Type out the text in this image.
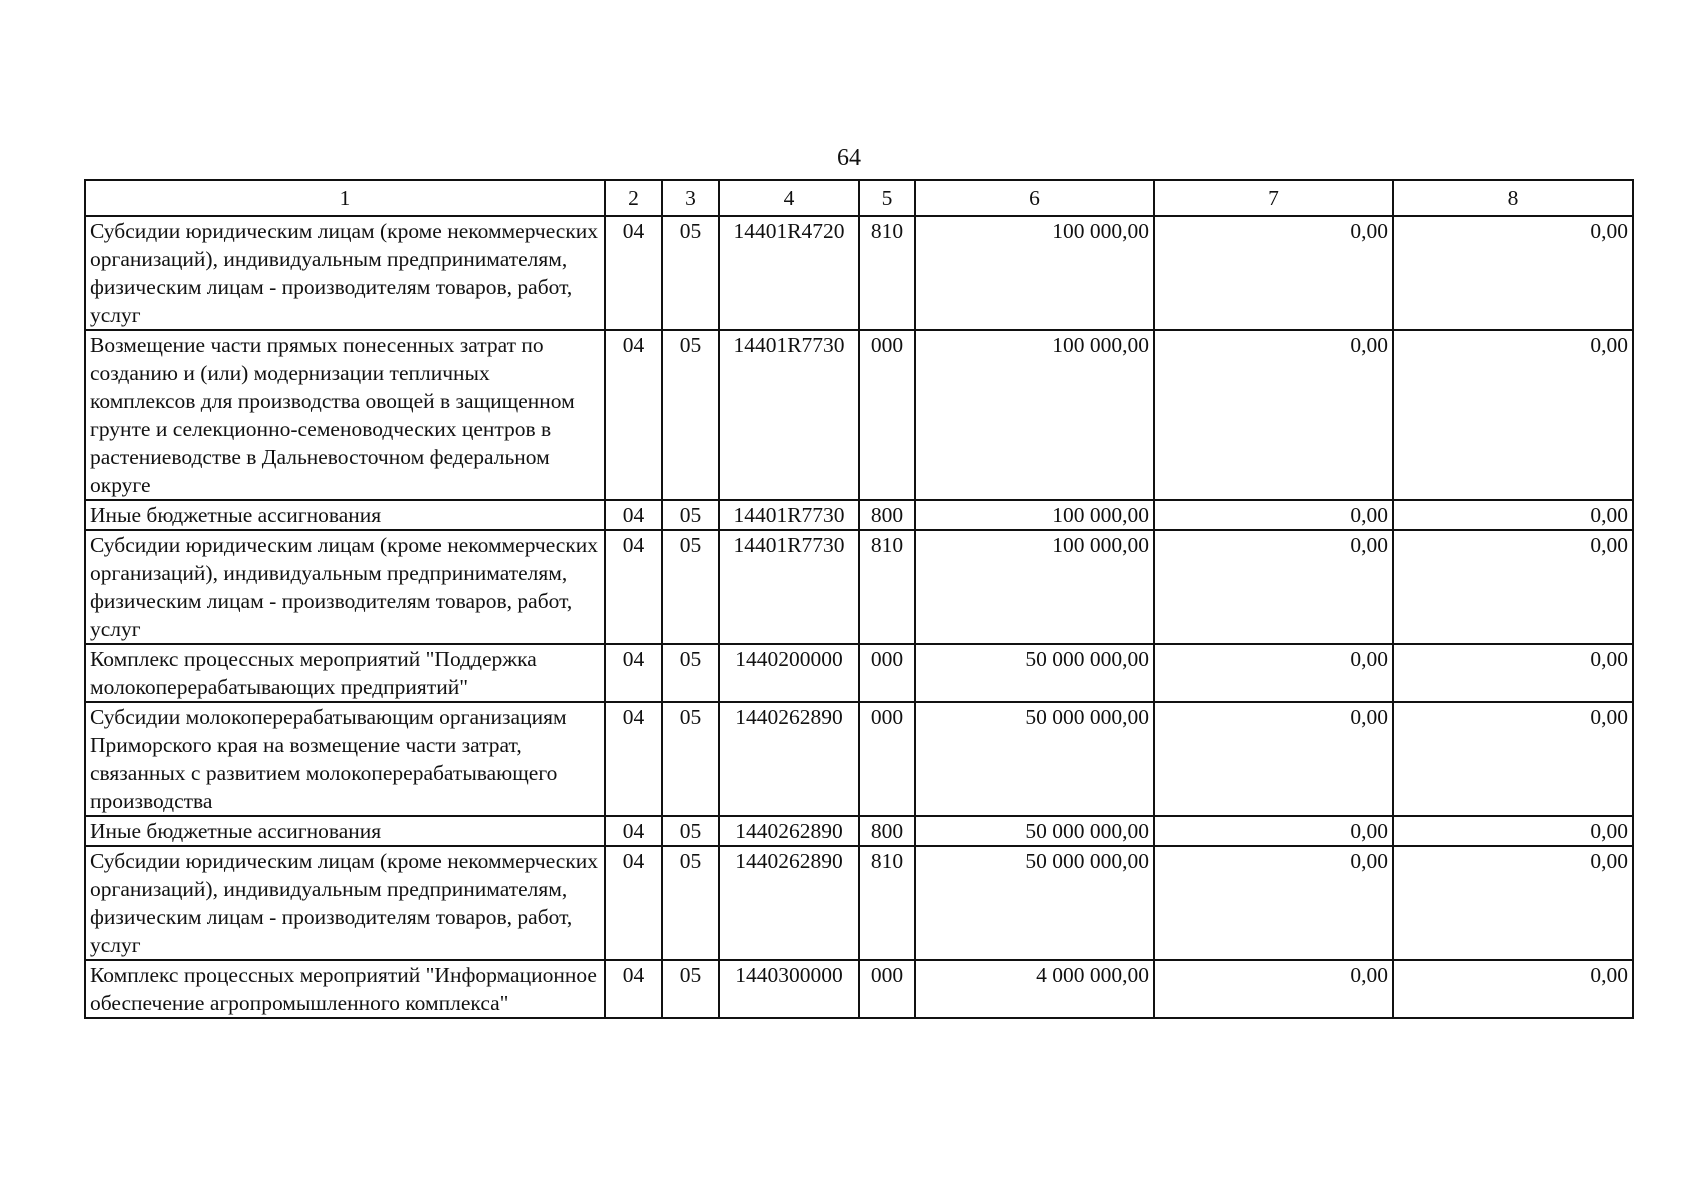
64
1	2	3	4	5	6	7	8
Субсидии юридическим лицам (кроме некоммерческих организаций), индивидуальным предпринимателям, физическим лицам - производителям товаров, работ, услуг	04	05	14401R4720	810	100 000,00	0,00	0,00
Возмещение части прямых понесенных затрат по созданию и (или) модернизации тепличных комплексов для производства овощей в защищенном грунте и селекционно-семеноводческих центров в растениеводстве в Дальневосточном федеральном округе	04	05	14401R7730	000	100 000,00	0,00	0,00
Иные бюджетные ассигнования	04	05	14401R7730	800	100 000,00	0,00	0,00
Субсидии юридическим лицам (кроме некоммерческих организаций), индивидуальным предпринимателям, физическим лицам - производителям товаров, работ, услуг	04	05	14401R7730	810	100 000,00	0,00	0,00
Комплекс процессных мероприятий "Поддержка молокоперерабатывающих предприятий"	04	05	1440200000	000	50 000 000,00	0,00	0,00
Субсидии молокоперерабатывающим организациям Приморского края на возмещение части затрат, связанных с развитием молокоперерабатывающего производства	04	05	1440262890	000	50 000 000,00	0,00	0,00
Иные бюджетные ассигнования	04	05	1440262890	800	50 000 000,00	0,00	0,00
Субсидии юридическим лицам (кроме некоммерческих организаций), индивидуальным предпринимателям, физическим лицам - производителям товаров, работ, услуг	04	05	1440262890	810	50 000 000,00	0,00	0,00
Комплекс процессных мероприятий "Информационное обеспечение агропромышленного комплекса"	04	05	1440300000	000	4 000 000,00	0,00	0,00
